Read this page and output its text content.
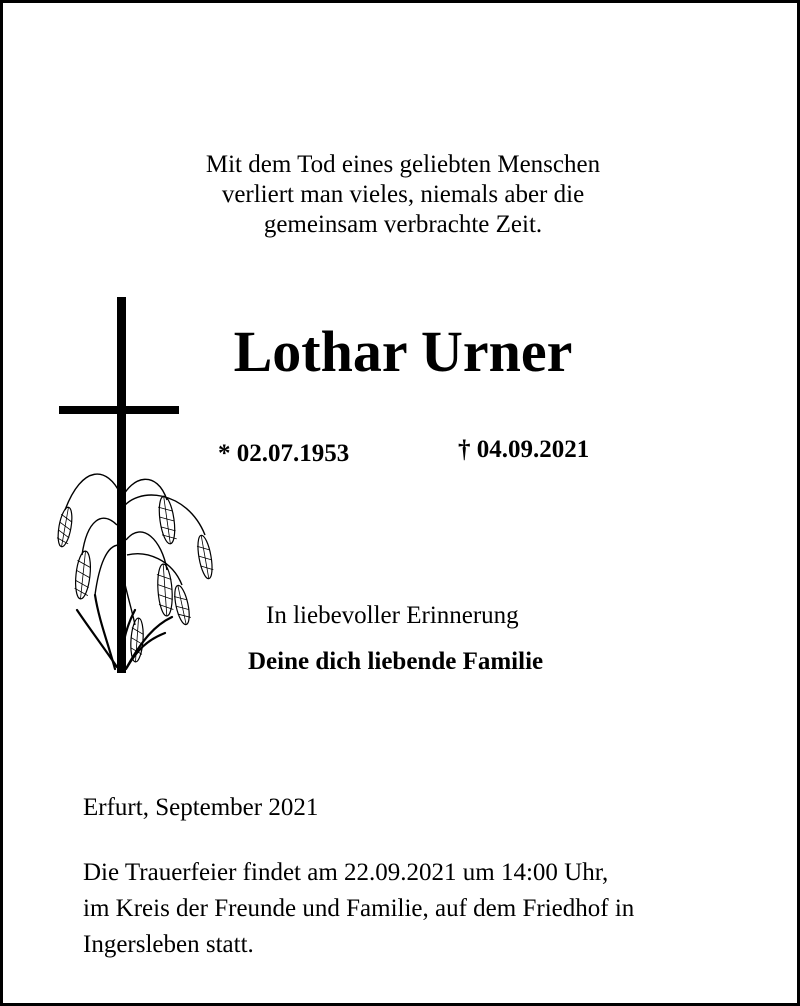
Mit dem Tod eines geliebten Menschen
verliert man vieles, niemals aber die
gemeinsam verbrachte Zeit.
Lothar Urner
* 02.07.1953	† 04.09.2021
In liebevoller Erinnerung
Deine dich liebende Familie
Erfurt, September 2021
Die Trauerfeier findet am 22.09.2021 um 14:00 Uhr,
im Kreis der Freunde und Familie, auf dem Friedhof in
Ingersleben statt.
